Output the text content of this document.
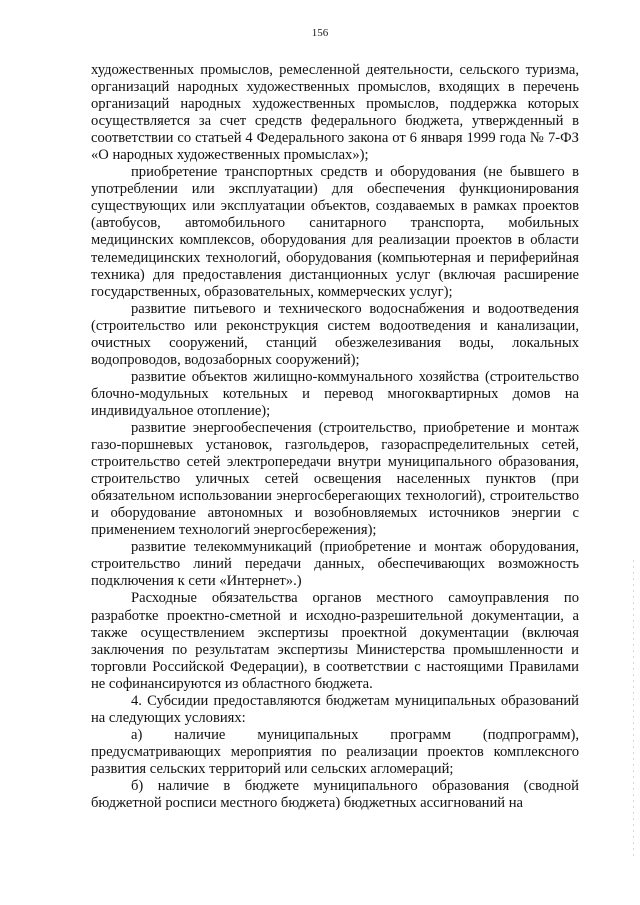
156

художественных промыслов, ремесленной деятельности, сельского туризма, организаций народных художественных промыслов, входящих в перечень организаций народных художественных промыслов, поддержка которых осуществляется за счет средств федерального бюджета, утвержденный в соответствии со статьей 4 Федерального закона от 6 января 1999 года № 7-ФЗ «О народных художественных промыслах»);

приобретение транспортных средств и оборудования (не бывшего в употреблении или эксплуатации) для обеспечения функционирования существующих или эксплуатации объектов, создаваемых в рамках проектов (автобусов, автомобильного санитарного транспорта, мобильных медицинских комплексов, оборудования для реализации проектов в области телемедицинских технологий, оборудования (компьютерная и периферийная техника) для предоставления дистанционных услуг (включая расширение государственных, образовательных, коммерческих услуг);

развитие питьевого и технического водоснабжения и водоотведения (строительство или реконструкция систем водоотведения и канализации, очистных сооружений, станций обезжелезивания воды, локальных водопроводов, водозаборных сооружений);

развитие объектов жилищно-коммунального хозяйства (строительство блочно-модульных котельных и перевод многоквартирных домов на индивидуальное отопление);

развитие энергообеспечения (строительство, приобретение и монтаж газо-поршневых установок, газгольдеров, газораспределительных сетей, строительство сетей электропередачи внутри муниципального образования, строительство уличных сетей освещения населенных пунктов (при обязательном использовании энергосберегающих технологий), строительство и оборудование автономных и возобновляемых источников энергии с применением технологий энергосбережения);

развитие телекоммуникаций (приобретение и монтаж оборудования, строительство линий передачи данных, обеспечивающих возможность подключения к сети «Интернет».)

Расходные обязательства органов местного самоуправления по разработке проектно-сметной и исходно-разрешительной документации, а также осуществлением экспертизы проектной документации (включая заключения по результатам экспертизы Министерства промышленности и торговли Российской Федерации), в соответствии с настоящими Правилами не софинансируются из областного бюджета.

4. Субсидии предоставляются бюджетам муниципальных образований на следующих условиях:

а) наличие муниципальных программ (подпрограмм), предусматривающих мероприятия по реализации проектов комплексного развития сельских территорий или сельских агломераций;

б) наличие в бюджете муниципального образования (сводной бюджетной росписи местного бюджета) бюджетных ассигнований на
